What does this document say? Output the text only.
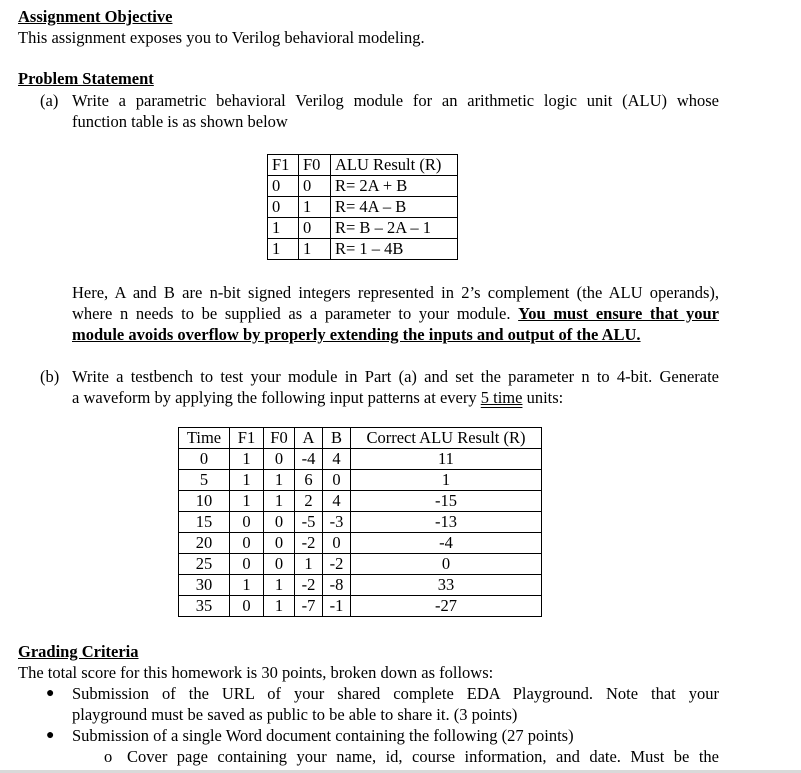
Assignment Objective
This assignment exposes you to Verilog behavioral modeling.
Problem Statement
(a) Write a parametric behavioral Verilog module for an arithmetic logic unit (ALU) whose
function table is as shown below
F1	F0	ALU Result (R)
0	0	R= 2A + B
0	1	R= 4A – B
1	0	R= B – 2A – 1
1	1	R= 1 – 4B
Here, A and B are n-bit signed integers represented in 2’s complement (the ALU operands),
where n needs to be supplied as a parameter to your module. You must ensure that your
module avoids overflow by properly extending the inputs and output of the ALU.
(b) Write a testbench to test your module in Part (a) and set the parameter n to 4-bit. Generate
a waveform by applying the following input patterns at every 5 time units:
Time	F1	F0	A	B	Correct ALU Result (R)
0	1	0	-4	4	11
5	1	1	6	0	1
10	1	1	2	4	-15
15	0	0	-5	-3	-13
20	0	0	-2	0	-4
25	0	0	1	-2	0
30	1	1	-2	-8	33
35	0	1	-7	-1	-27
Grading Criteria
The total score for this homework is 30 points, broken down as follows:
● Submission of the URL of your shared complete EDA Playground. Note that your
playground must be saved as public to be able to share it. (3 points)
● Submission of a single Word document containing the following (27 points)
o Cover page containing your name, id, course information, and date. Must be the
